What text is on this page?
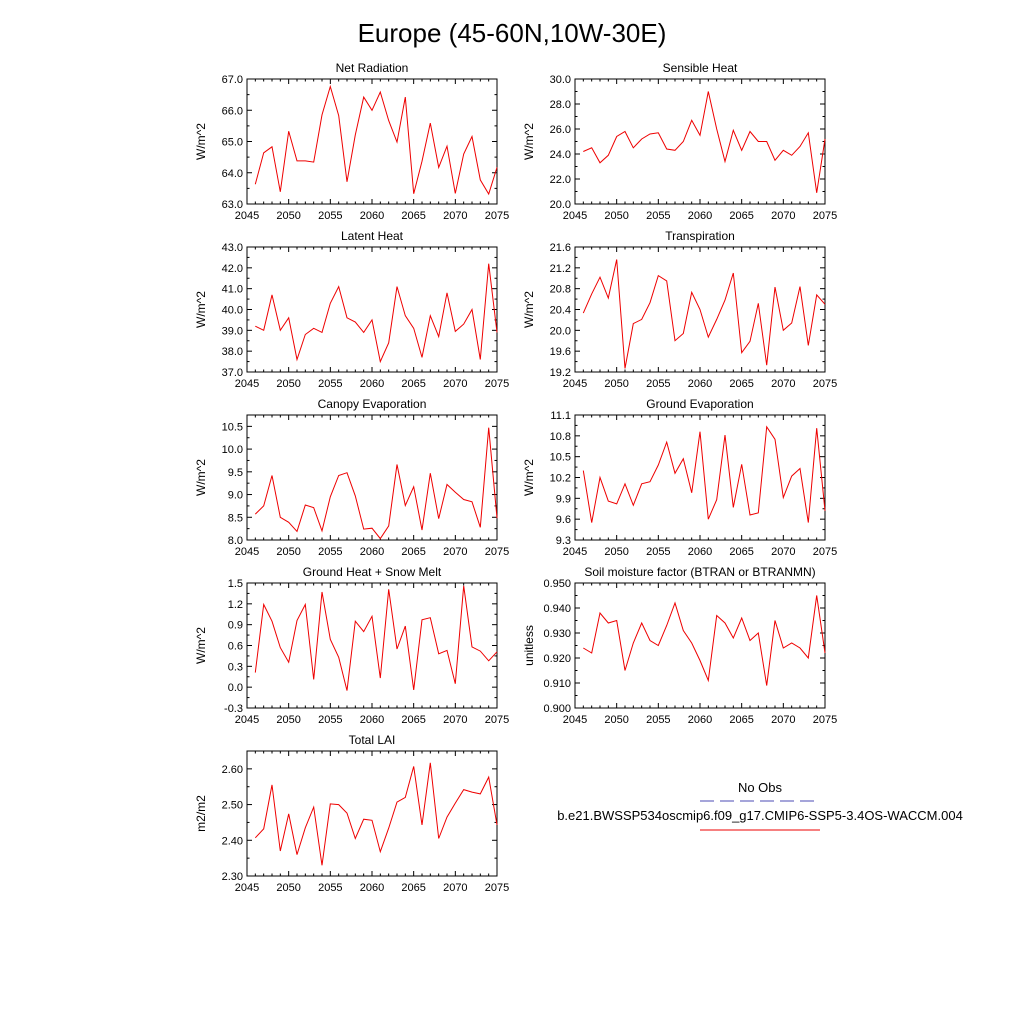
Europe (45-60N,10W-30E)
Net Radiation
2045 2050 2055 2060 2065 2070 2075
63.0
64.0
65.0
66.0
67.0
W/m^2
Sensible Heat
2045 2050 2055 2060 2065 2070 2075
20.0
22.0
24.0
26.0
28.0
30.0
W/m^2
Latent Heat
2045 2050 2055 2060 2065 2070 2075
37.0
38.0
39.0
40.0
41.0
42.0
43.0
W/m^2
Transpiration
2045 2050 2055 2060 2065 2070 2075
19.2
19.6
20.0
20.4
20.8
21.2
21.6
W/m^2
Canopy Evaporation
2045 2050 2055 2060 2065 2070 2075
8.0
8.5
9.0
9.5
10.0
10.5
W/m^2
Ground Evaporation
2045 2050 2055 2060 2065 2070 2075
9.3
9.6
9.9
10.2
10.5
10.8
11.1
W/m^2
Ground Heat + Snow Melt
2045 2050 2055 2060 2065 2070 2075
-0.3
0.0
0.3
0.6
0.9
1.2
1.5
W/m^2
Soil moisture factor (BTRAN or BTRANMN)
2045 2050 2055 2060 2065 2070 2075
0.900
0.910
0.920
0.930
0.940
0.950
unitless
Total LAI
2045 2050 2055 2060 2065 2070 2075
2.30
2.40
2.50
2.60
m2/m2
No Obs
b.e21.BWSSP534oscmip6.f09_g17.CMIP6-SSP5-3.4OS-WACCM.004
